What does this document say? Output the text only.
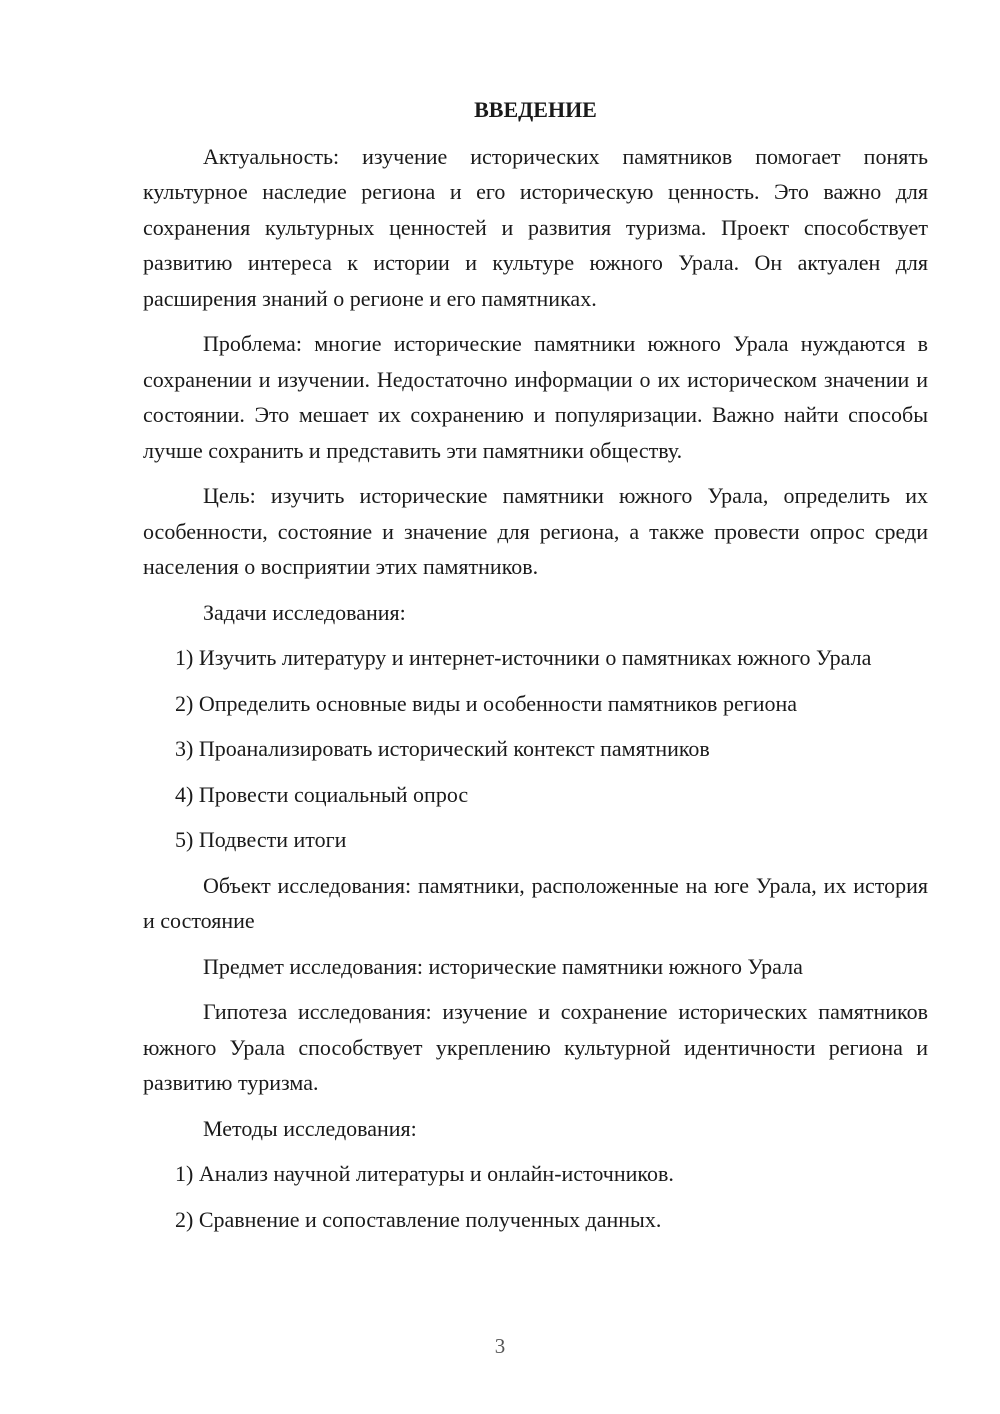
ВВЕДЕНИЕ

Актуальность: изучение исторических памятников помогает понять культурное наследие региона и его историческую ценность. Это важно для сохранения культурных ценностей и развития туризма. Проект способствует развитию интереса к истории и культуре южного Урала. Он актуален для расширения знаний о регионе и его памятниках.

Проблема: многие исторические памятники южного Урала нуждаются в сохранении и изучении. Недостаточно информации о их историческом значении и состоянии. Это мешает их сохранению и популяризации. Важно найти способы лучше сохранить и представить эти памятники обществу.

Цель: изучить исторические памятники южного Урала, определить их особенности, состояние и значение для региона, а также провести опрос среди населения о восприятии этих памятников.

Задачи исследования:

1) Изучить литературу и интернет-источники о памятниках южного Урала

2) Определить основные виды и особенности памятников региона

3) Проанализировать исторический контекст памятников

4) Провести социальный опрос

5) Подвести итоги

Объект исследования: памятники, расположенные на юге Урала, их история и состояние

Предмет исследования: исторические памятники южного Урала

Гипотеза исследования: изучение и сохранение исторических памятников южного Урала способствует укреплению культурной идентичности региона и развитию туризма.

Методы исследования:

1) Анализ научной литературы и онлайн-источников.

2) Сравнение и сопоставление полученных данных.

3
